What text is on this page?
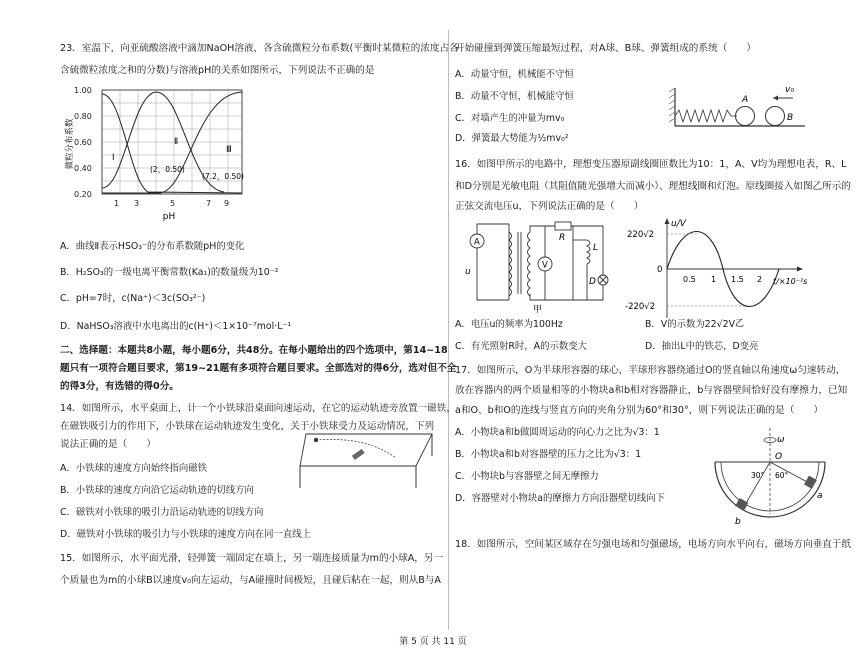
23．室温下，向亚硫酸溶液中滴加NaOH溶液，各含硫微粒分布系数(平衡时某微粒的浓度占各
含硫微粒浓度之和的分数)与溶液pH的关系如图所示，下列说法不正确的是
1.00
0.80
0.60
0.40
0.20
1 3	5	7 9
微粒分布系数
pH
Ⅰ
Ⅱ
Ⅲ
(2，0.50)
(7.2，0.50)
A．曲线Ⅱ表示HSO₃⁻的分布系数随pH的变化
B．H₂SO₃的一级电离平衡常数(Ka₁)的数量级为10⁻²
C．pH=7时，c(Na⁺)＜3c(SO₃²⁻)
D．NaHSO₃溶液中水电离出的c(H⁺)＜1×10⁻⁷mol·L⁻¹
二、选择题：本题共8小题，每小题6分，共48分。在每小题给出的四个选项中，第14~18
题只有一项符合题目要求，第19~21题有多项符合题目要求。全部选对的得6分，选对但不全
的得3分，有选错的得0分。
14．如图所示，水平桌面上，计一个小铁球沿桌面向速运动，在它的运动轨迹旁放置一磁铁，
在磁铁吸引力的作用下，小铁球在运动轨迹发生变化，关于小铁球受力及运动情况，下列
说法正确的是（　　）
A．小铁球的速度方向始终指向磁铁
B．小铁球的速度方向沿它运动轨迹的切线方向
C．磁铁对小铁球的吸引力沿运动轨迹的切线方向
D．磁铁对小铁球的吸引力与小铁球的速度方向在同一直线上
15．如图所示，水平面光滑，轻弹簧一端固定在墙上，另一端连接质量为m的小球A，另一
个质量也为m的小球B以速度v₀向左运动，与A碰撞时间极短，且碰后粘在一起，则从B与A
开始碰撞到弹簧压缩最短过程，对A球、B球、弹簧组成的系统（　　）
A．动量守恒，机械能不守恒
B．动量不守恒，机械能守恒
C．对墙产生的冲量为mv₀
D．弹簧最大势能为½mv₀²
A
B
v₀
16．如图甲所示的电路中，理想变压器原副线圈匝数比为10：1，A、V均为理想电表，R、L
和D分别是光敏电阻（其阻值随光强增大而减小）、理想线圈和灯泡。原线圈接入如图乙所示的
正弦交流电压u，下列说法正确的是（　　）
A
V
R
L
D
u
甲
u/V
t/×10⁻²s
220√2
-220√2
0
0.5 1 1.5 2
乙
A．电压u的频率为100Hz	B．V的示数为22√2V
C．有光照射R时，A的示数变大	D．抽出L中的铁芯，D变亮
17．如图所示，O为半球形容器的球心，半球形容器绕通过O的竖直轴以角速度ω匀速转动，
放在容器内的两个质量相等的小物块a和b相对容器静止，b与容器壁间恰好没有摩擦力，已知
a和O、b和O的连线与竖直方向的夹角分别为60°和30°，则下列说法正确的是（　　）
A．小物块a和b做圆周运动的向心力之比为√3：1
B．小物块a和b对容器壁的压力之比为√3：1
C．小物块b与容器壁之间无摩擦力
D．容器壁对小物块a的摩擦力方向沿器壁切线向下
O
ω
a
b
30° 60°
18．如图所示，空间某区域存在匀强电场和匀强磁场，电场方向水平向右，磁场方向垂直于纸
第 5 页 共 11 页
